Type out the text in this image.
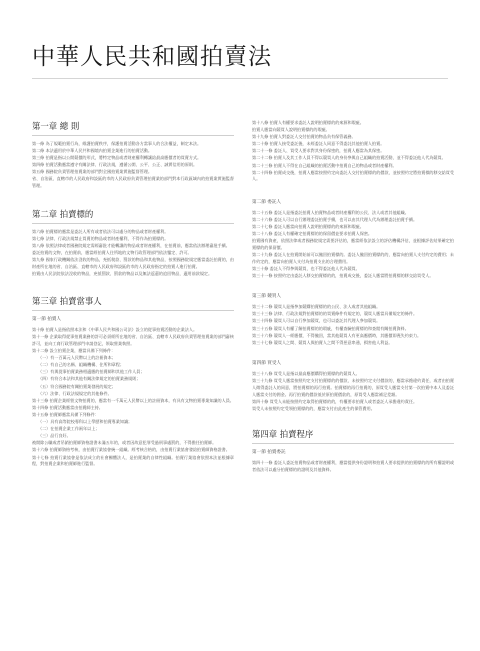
中華人民共和國拍賣法
第一章 總 則

第一條 為了規範拍賣行為，維護拍賣秩序，保護拍賣活動各方當事人的合法權益，制定本法。

第二條 本法適用於中華人民共和國境內拍賣企業進行的拍賣活動。

第三條 拍賣是指以公開競價的形式，將特定物品或者財產權利轉讓給最高應價者的買賣方式。

第四條 拍賣活動應當遵守有關法律、行政法規，遵循公開、公平、公正、誠實信用的原則。

第五條 國務院負責管理拍賣業的部門對全國拍賣業實施監督管理。

省、自治區、直轄市的人民政府和設區的市的人民政府負責管理拍賣業的部門對本行政區域內的拍賣業實施監督管理。

第二章 拍賣標的

第六條 拍賣標的應當是委託人所有或者依法可以處分的物品或者財產權利。

第七條 法律、行政法規禁止買賣的物品或者財產權利，不得作為拍賣標的。

第八條 依照法律或者國務院規定需經審批才能轉讓的物品或者財產權利，在拍賣前，應當依法辦理審批手續。

委託拍賣的文物，在拍賣前，應當經拍賣人住所地的文物行政管理部門依法鑒定、許可。

第九條 國家行政機關依法沒收的物品，充抵稅款、罰款的物品和其他物品，按照國務院規定應當委託拍賣的，由財產所在地的省、自治區、直轄市的人民政府和設區的市的人民政府指定的拍賣人進行拍賣。

拍賣由人民法院依法沒收的物品，充抵罰款、罰款的物品以及無法返還的追回物品，適用前款規定。

第三章 拍賣當事人
第一節 拍賣人

第十條 拍賣人是指依照本法和《中華人民共和國公司法》設立的從事拍賣活動的企業法人。

第十一條 企業取得從事拍賣業務的許可必須經所在地的省、自治區、直轄市人民政府負責管理拍賣業的部門審核許可，並向工商行政管理部門申請登記，領取營業執照。

第十二條 設立拍賣企業，應當具備下列條件：

（一）有一百萬元人民幣以上的註冊資本；

（二）有自己的名稱、組織機構、住所和章程；

（三）有與從事拍賣業務相適應的拍賣師和其他工作人員；

（四）有符合本法和其他有關法律規定的拍賣業務規則；

（五）符合國務院有關拍賣業發展的規定；

（六）法律、行政法規規定的其他條件。

第十三條 拍賣企業經營文物拍賣的，應當有一千萬元人民幣以上的註冊資本，有具有文物拍賣專業知識的人員。

第十四條 拍賣活動應當由拍賣師主持。

第十五條 拍賣師應當具備下列條件：

（一）具有高等院校專科以上學歷和拍賣專業知識；

（二）在拍賣企業工作兩年以上；

（三）品行良好。

被開除公職或者吊銷拍賣師資格證書未滿五年的，或者因故意犯罪受過刑事處罰的，不得擔任拍賣師。

第十六條 拍賣師資格考核，由拍賣行業協會統一組織。經考核合格的，由拍賣行業協會發給拍賣師資格證書。

第十七條 拍賣行業協會是依法成立的社會團體法人，是拍賣業的自律性組織。拍賣行業協會依照本法並根據章程，對拍賣企業和拍賣師進行監督。

第十八條 拍賣人有權要求委託人說明拍賣標的的來源和瑕疵。

拍賣人應當向競買人說明拍賣標的的瑕疵。

第十九條 拍賣人對委託人交付拍賣的物品負有保管義務。

第二十條 拍賣人接受委託後，未經委託人同意不得委託其他拍賣人拍賣。

第二十一條 委託人、買受人要求對其身份保密的，拍賣人應當為其保密。

第二十二條 拍賣人及其工作人員不得以競買人的身份參與自己組織的拍賣活動，並不得委託他人代為競買。

第二十三條 拍賣人不得在自己組織的拍賣活動中拍賣自己的物品或者財產權利。

第二十四條 拍賣成交後，拍賣人應當按照約定向委託人交付拍賣標的的價款，並按照約定將拍賣標的移交給買受人。

第二節 委託人

第二十五條 委託人是指委託拍賣人拍賣物品或者財產權利的公民、法人或者其他組織。

第二十六條 委託人可以自行辦理委託拍賣手續，也可以由其代理人代為辦理委託拍賣手續。

第二十七條 委託人應當向拍賣人說明拍賣標的的來源和瑕疵。

第二十八條 委託人有權確定拍賣標的的保留價並要求拍賣人保密。

拍賣國有資產，依照法律或者國務院規定需要評估的，應當經依法設立的評估機構評估，並根據評估結果確定拍賣標的的保留價。

第二十九條 委託人在拍賣開始前可以撤回拍賣標的。委託人撤回拍賣標的的，應當向拍賣人支付約定的費用；未作約定的，應當向拍賣人支付為拍賣支出的合理費用。

第三十條 委託人不得參與競買，也不得委託他人代為競買。

第三十一條 按照約定由委託人移交拍賣標的的，拍賣成交後，委託人應當將拍賣標的移交給買受人。

第三節 競買人

第三十二條 競買人是指參加競購拍賣標的的公民、法人或者其他組織。

第三十三條 法律、行政法規對拍賣標的的買賣條件有規定的，競買人應當具備規定的條件。

第三十四條 競買人可以自行參加競買，也可以委託其代理人參加競買。

第三十五條 競買人有權了解拍賣標的的瑕疵，有權查驗拍賣標的和查閱有關拍賣資料。

第三十六條 競買人一經應價，不得撤回，當其他競買人有更高應價時，其應價即喪失約束力。

第三十七條 競買人之間、競買人與拍賣人之間不得惡意串通，損害他人利益。

第四節 買受人

第三十八條 買受人是指以最高應價購得拍賣標的的競買人。

第三十九條 買受人應當按照約定支付拍賣標的的價款，未按照約定支付價款的，應當承擔違約責任，或者由拍賣人徵得委託人的同意，將拍賣標的再行拍賣。拍賣標的再行拍賣的，原買受人應當支付第一次拍賣中本人及委託人應當支付的佣金。再行拍賣的價款低於原拍賣價款的，原買受人應當補足差額。

第四十條 買受人未能按照約定取得拍賣標的的，有權要求拍賣人或者委託人承擔違約責任。

買受人未按照約定受領拍賣標的的，應當支付由此產生的保管費用。

第四章 拍賣程序
第一節 拍賣委託

第四十一條 委託人委託拍賣物品或者財產權利，應當提供身份證明和拍賣人要求提供的拍賣標的的所有權證明或者依法可以處分拍賣標的的證明及其他資料。
